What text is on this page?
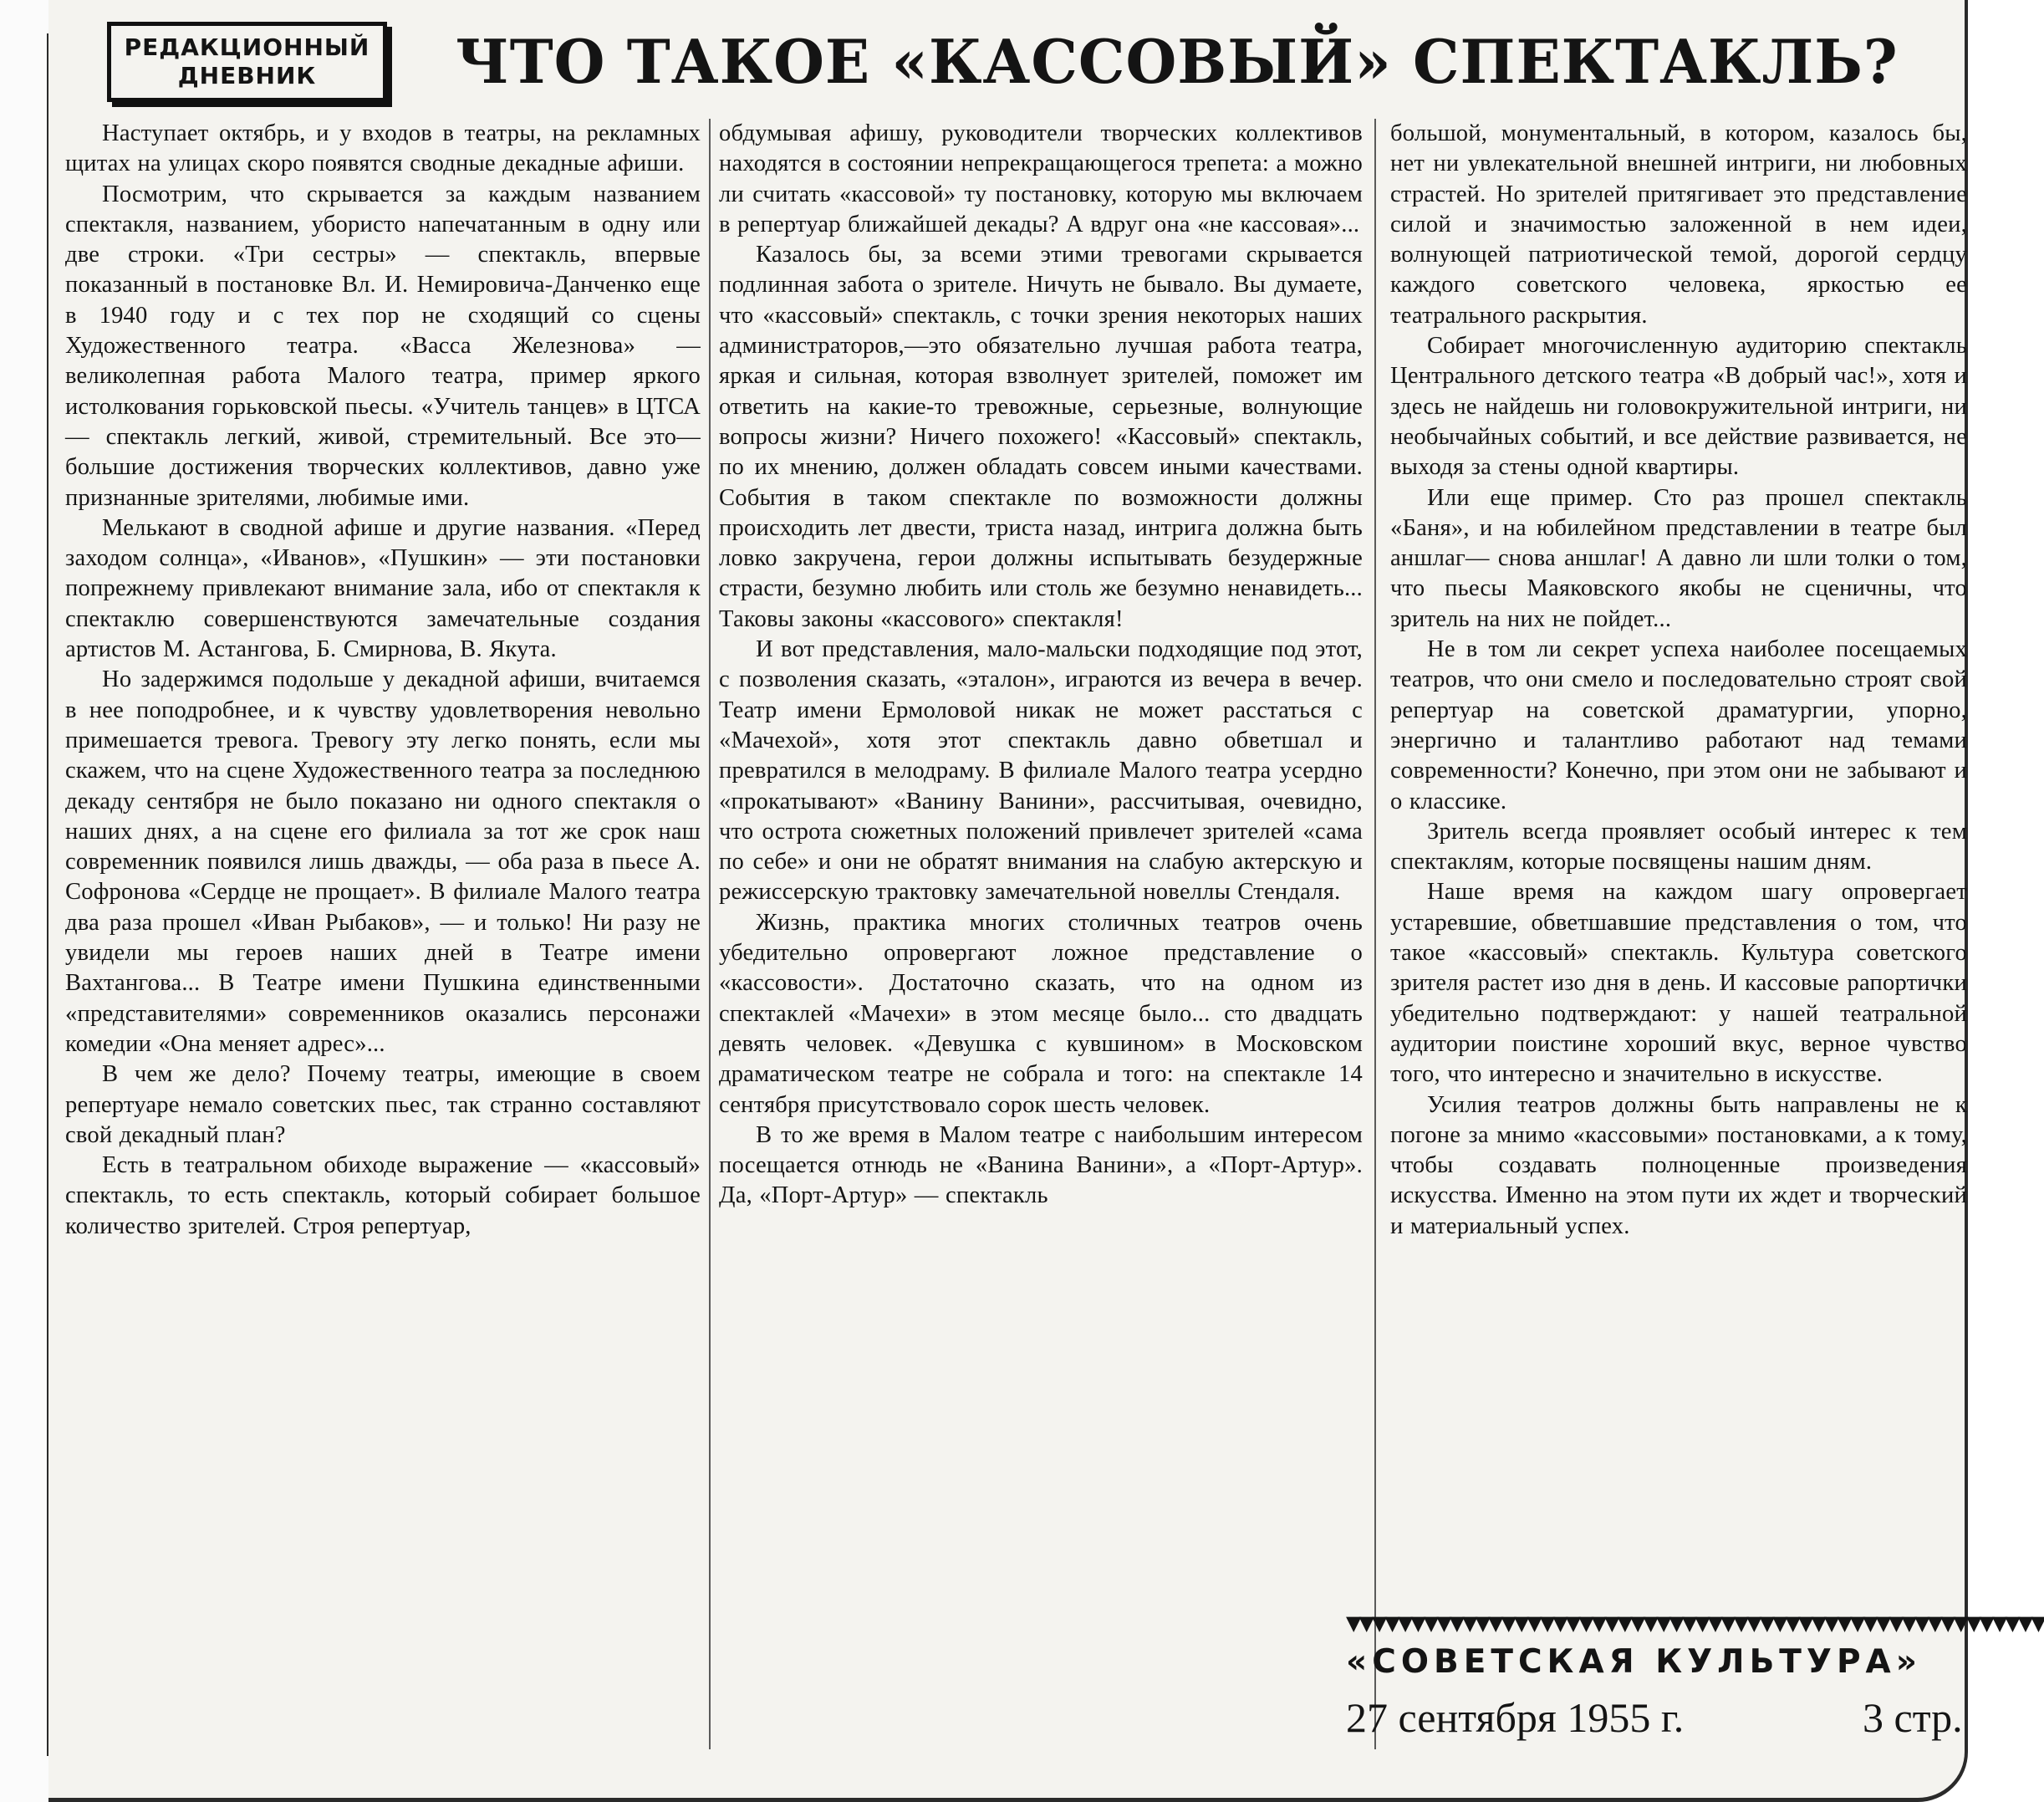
РЕДАКЦИОННЫЙ
ДНЕВНИК ЧТО ТАКОЕ «КАССОВЫЙ» СПЕКТАКЛЬ?

Наступает октябрь, и у входов в театры, на рекламных щитах на улицах скоро появятся сводные декадные афиши.

Посмотрим, что скрывается за каждым названием спектакля, названием, убористо напечатанным в одну или две строки. «Три сестры» — спектакль, впервые показанный в постановке Вл. И. Немировича-Данченко еще в 1940 году и с тех пор не сходящий со сцены Художественного театра. «Васса Железнова» — великолепная работа Малого театра, пример яркого истолкования горьковской пьесы. «Учитель танцев» в ЦТСА — спектакль легкий, живой, стремительный. Все это—большие достижения творческих коллективов, давно уже признанные зрителями, любимые ими.

Мелькают в сводной афише и другие названия. «Перед заходом солнца», «Иванов», «Пушкин» — эти постановки попрежнему привлекают внимание зала, ибо от спектакля к спектаклю совершенствуются замечательные создания артистов М. Астангова, Б. Смирнова, В. Якута.

Но задержимся подольше у декадной афиши, вчитаемся в нее поподробнее, и к чувству удовлетворения невольно примешается тревога. Тревогу эту легко понять, если мы скажем, что на сцене Художественного театра за последнюю декаду сентября не было показано ни одного спектакля о наших днях, а на сцене его филиала за тот же срок наш современник появился лишь дважды, — оба раза в пьесе А. Софронова «Сердце не прощает». В филиале Малого театра два раза прошел «Иван Рыбаков», — и только! Ни разу не увидели мы героев наших дней в Театре имени Вахтангова... В Театре имени Пушкина единственными «представителями» современников оказались персонажи комедии «Она меняет адрес»...

В чем же дело? Почему театры, имеющие в своем репертуаре немало советских пьес, так странно составляют свой декадный план?

Есть в театральном обиходе выражение — «кассовый» спектакль, то есть спектакль, который собирает большое количество зрителей. Строя репертуар,

обдумывая афишу, руководители творческих коллективов находятся в состоянии непрекращающегося трепета: а можно ли считать «кассовой» ту постановку, которую мы включаем в репертуар ближайшей декады? А вдруг она «не кассовая»...

Казалось бы, за всеми этими тревогами скрывается подлинная забота о зрителе. Ничуть не бывало. Вы думаете, что «кассовый» спектакль, с точки зрения некоторых наших администраторов,—это обязательно лучшая работа театра, яркая и сильная, которая взволнует зрителей, поможет им ответить на какие-то тревожные, серьезные, волнующие вопросы жизни? Ничего похожего! «Кассовый» спектакль, по их мнению, должен обладать совсем иными качествами. События в таком спектакле по возможности должны происходить лет двести, триста назад, интрига должна быть ловко закручена, герои должны испытывать безудержные страсти, безумно любить или столь же безумно ненавидеть... Таковы законы «кассового» спектакля!

И вот представления, мало-мальски подходящие под этот, с позволения сказать, «эталон», играются из вечера в вечер. Театр имени Ермоловой никак не может расстаться с «Мачехой», хотя этот спектакль давно обветшал и превратился в мелодраму. В филиале Малого театра усердно «прокатывают» «Ванину Ванини», рассчитывая, очевидно, что острота сюжетных положений привлечет зрителей «сама по себе» и они не обратят внимания на слабую актерскую и режиссерскую трактовку замечательной новеллы Стендаля.

Жизнь, практика многих столичных театров очень убедительно опровергают ложное представление о «кассовости». Достаточно сказать, что на одном из спектаклей «Мачехи» в этом месяце было... сто двадцать девять человек. «Девушка с кувшином» в Московском драматическом театре не собрала и того: на спектакле 14 сентября присутствовало сорок шесть человек.

В то же время в Малом театре с наибольшим интересом посещается отнюдь не «Ванина Ванини», а «Порт-Артур». Да, «Порт-Артур» — спектакль

большой, монументальный, в котором, казалось бы, нет ни увлекательной внешней интриги, ни любовных страстей. Но зрителей притягивает это представление силой и значимостью заложенной в нем идеи, волнующей патриотической темой, дорогой сердцу каждого советского человека, яркостью ее театрального раскрытия.

Собирает многочисленную аудиторию спектакль Центрального детского театра «В добрый час!», хотя и здесь не найдешь ни головокружительной интриги, ни необычайных событий, и все действие развивается, не выходя за стены одной квартиры.

Или еще пример. Сто раз прошел спектакль «Баня», и на юбилейном представлении в театре был аншлаг— снова аншлаг! А давно ли шли толки о том, что пьесы Маяковского якобы не сценичны, что зритель на них не пойдет...

Не в том ли секрет успеха наиболее посещаемых театров, что они смело и последовательно строят свой репертуар на советской драматургии, упорно, энергично и талантливо работают над темами современности? Конечно, при этом они не забывают и о классике.

Зритель всегда проявляет особый интерес к тем спектаклям, которые посвящены нашим дням.

Наше время на каждом шагу опровергает устаревшие, обветшавшие представления о том, что такое «кассовый» спектакль. Культура советского зрителя растет изо дня в день. И кассовые рапортички убедительно подтверждают: у нашей театральной аудитории поистине хороший вкус, верное чувство того, что интересно и значительно в искусстве.

Усилия театров должны быть направлены не к погоне за мнимо «кассовыми» постановками, а к тому, чтобы создавать полноценные произведения искусства. Именно на этом пути их ждет и творческий и материальный успех.

▼▼▼▼▼▼▼▼▼▼▼▼▼▼▼▼▼▼▼▼▼▼▼▼▼▼▼▼▼▼▼▼▼▼▼▼▼▼▼▼▼▼▼▼▼▼▼▼▼▼▼▼▼▼
«СОВЕТСКАЯ КУЛЬТУРА»
27 сентября 1955 г.	3 стр.
